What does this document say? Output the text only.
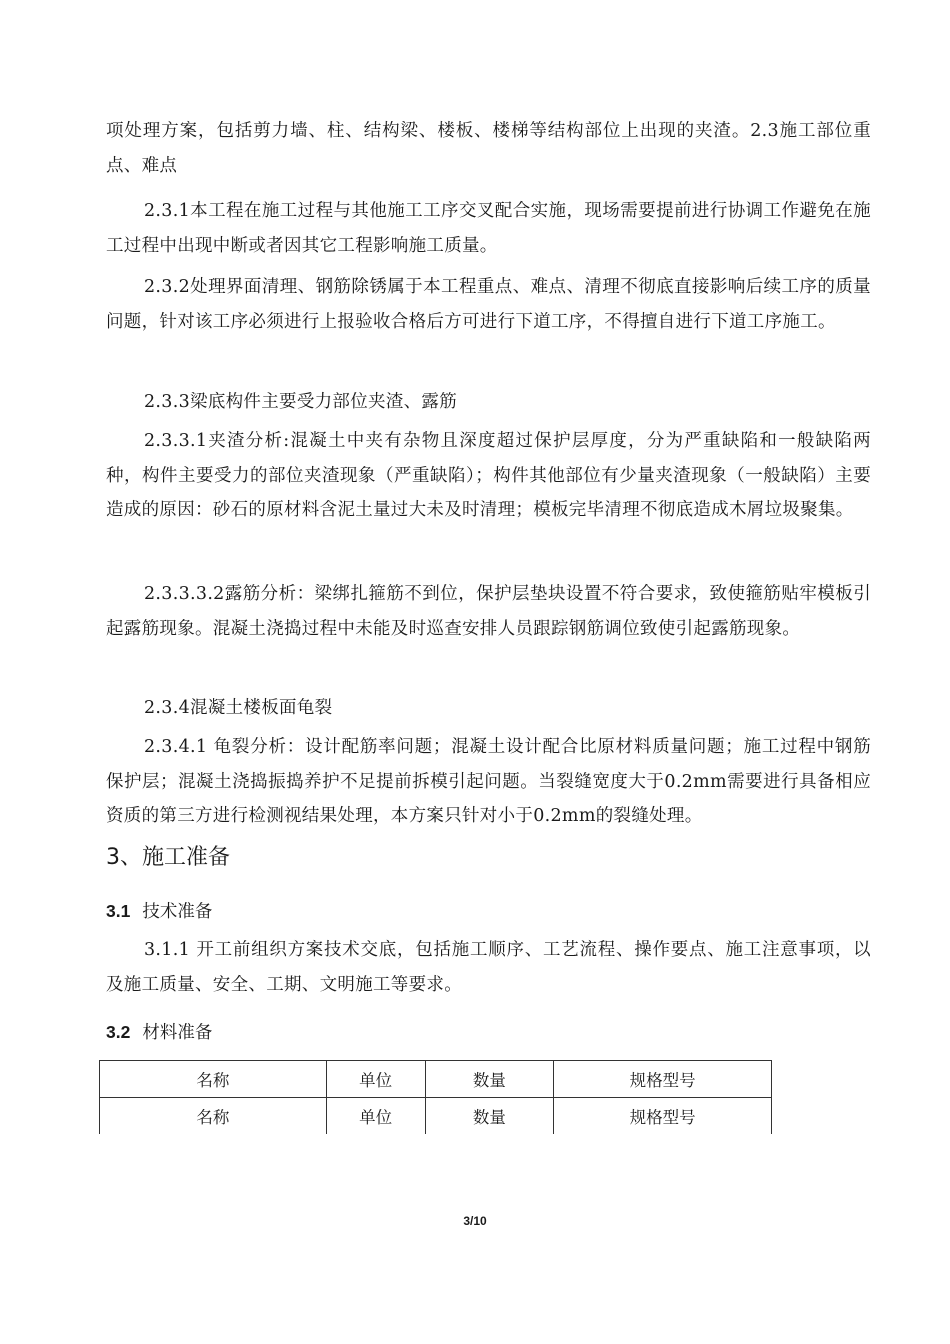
项处理方案，包括剪力墙、柱、结构梁、楼板、楼梯等结构部位上出现的夹渣。2.3施工部位重点、难点
2.3.1本工程在施工过程与其他施工工序交叉配合实施，现场需要提前进行协调工作避免在施工过程中出现中断或者因其它工程影响施工质量。
2.3.2处理界面清理、钢筋除锈属于本工程重点、难点、清理不彻底直接影响后续工序的质量问题，针对该工序必须进行上报验收合格后方可进行下道工序，不得擅自进行下道工序施工。
2.3.3梁底构件主要受力部位夹渣、露筋
2.3.3.1夹渣分析:混凝土中夹有杂物且深度超过保护层厚度，分为严重缺陷和一般缺陷两种，构件主要受力的部位夹渣现象（严重缺陷）；构件其他部位有少量夹渣现象（一般缺陷）主要造成的原因：砂石的原材料含泥土量过大未及时清理；模板完毕清理不彻底造成木屑垃圾聚集。
2.3.3.3.2露筋分析：梁绑扎箍筋不到位，保护层垫块设置不符合要求，致使箍筋贴牢模板引起露筋现象。混凝土浇捣过程中未能及时巡查安排人员跟踪钢筋调位致使引起露筋现象。
2.3.4混凝土楼板面龟裂
2.3.4.1 龟裂分析：设计配筋率问题；混凝土设计配合比原材料质量问题；施工过程中钢筋保护层；混凝土浇捣振捣养护不足提前拆模引起问题。当裂缝宽度大于0.2mm需要进行具备相应资质的第三方进行检测视结果处理，本方案只针对小于0.2mm的裂缝处理。
3、施工准备
3.1 技术准备
3.1.1 开工前组织方案技术交底，包括施工顺序、工艺流程、操作要点、施工注意事项，以及施工质量、安全、工期、文明施工等要求。
3.2 材料准备
名称	单位	数量	规格型号
名称	单位	数量	规格型号
3/10
